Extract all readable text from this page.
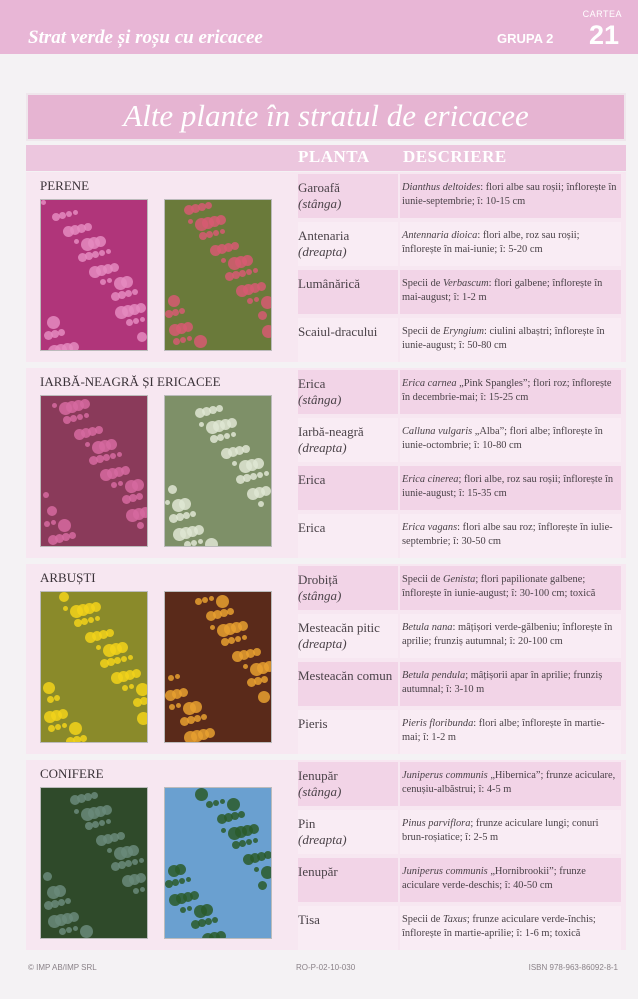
Strat verde și roșu cu ericacee
CARTEA
GRUPA 2 21
Alte plante în stratul de ericacee
PLANTA DESCRIERE
PERENE	Garoafă
(stânga)
Dianthus deltoides: flori albe sau roșii; înflorește în iunie-septembrie; î: 10-15 cm
Antenaria
(dreapta)
Antennaria dioica: flori albe, roz sau roșii; înflorește în mai-iunie; î: 5-20 cm
Lumânărică	Specii de Verbascum: flori galbene; înflorește în mai-august; î: 1-2 m
Scaiul-dracului Specii de Eryngium: ciulini albaștri; înflorește în iunie-august; î: 50-80 cm
IARBĂ-NEAGRĂ ȘI ERICACEE	Erica
(stânga)
Erica carnea „Pink Spangles”; flori roz; înflorește în decembrie-mai; î: 15-25 cm
Iarbă-neagră
(dreapta)
Calluna vulgaris „Alba”; flori albe; înflorește în iunie-octombrie; î: 10-80 cm
Erica	Erica cinerea; flori albe, roz sau roșii; înflorește în iunie-august; î: 15-35 cm
Erica	Erica vagans: flori albe sau roz; înflorește în iulie-septembrie; î: 30-50 cm
ARBUȘTI	Drobiță
(stânga)
Specii de Genista; flori papilionate galbene; înflorește în iunie-august; î: 30-100 cm; toxică
Mesteacăn pitic
(dreapta)
Betula nana: mâțișori verde-gălbeniu; înflorește în aprilie; frunziș autumnal; î: 20-100 cm
Mesteacăn comun Betula pendula; mâțișorii apar în aprilie; frunziș autumnal; î: 3-10 m
Pieris	Pieris floribunda: flori albe; înflorește în martie-mai; î: 1-2 m
CONIFERE	Ienupăr
(stânga)
Juniperus communis „Hibernica”; frunze aciculare, cenușiu-albăstrui; î: 4-5 m
Pin
(dreapta)
Pinus parviflora; frunze aciculare lungi; conuri brun-roșiatice; î: 2-5 m
Ienupăr	Juniperus communis „Hornibrookii”; frunze aciculare verde-deschis; î: 40-50 cm
Tisa	Specii de Taxus; frunze aciculare verde-închis; înflorește în martie-aprilie; î: 1-6 m; toxică
© IMP AB/IMP SRL	RO-P-02-10-030	ISBN 978-963-86092-8-1
